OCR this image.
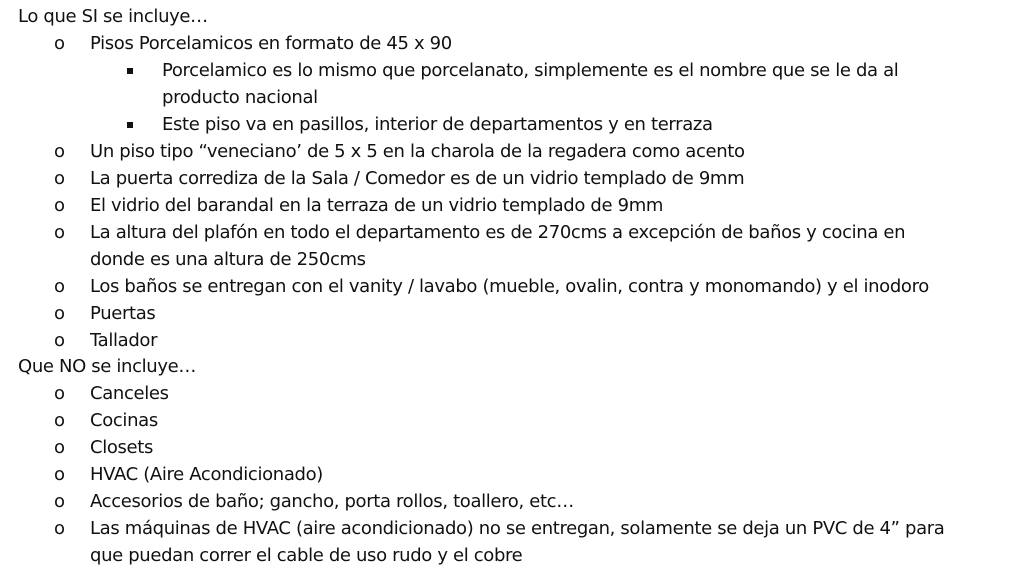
Lo que SI se incluye…
o Pisos Porcelamicos en formato de 45 x 90
Porcelamico es lo mismo que porcelanato, simplemente es el nombre que se le da al
producto nacional
Este piso va en pasillos, interior de departamentos y en terraza
o Un piso tipo “veneciano’ de 5 x 5 en la charola de la regadera como acento
o La puerta corrediza de la Sala / Comedor es de un vidrio templado de 9mm
o El vidrio del barandal en la terraza de un vidrio templado de 9mm
o La altura del plafón en todo el departamento es de 270cms a excepción de baños y cocina en
donde es una altura de 250cms
o Los baños se entregan con el vanity / lavabo (mueble, ovalin, contra y monomando) y el inodoro
o Puertas
o Tallador
Que NO se incluye…
o Canceles
o Cocinas
o Closets
o HVAC (Aire Acondicionado)
o Accesorios de baño; gancho, porta rollos, toallero, etc…
o Las máquinas de HVAC (aire acondicionado) no se entregan, solamente se deja un PVC de 4” para
que puedan correr el cable de uso rudo y el cobre
